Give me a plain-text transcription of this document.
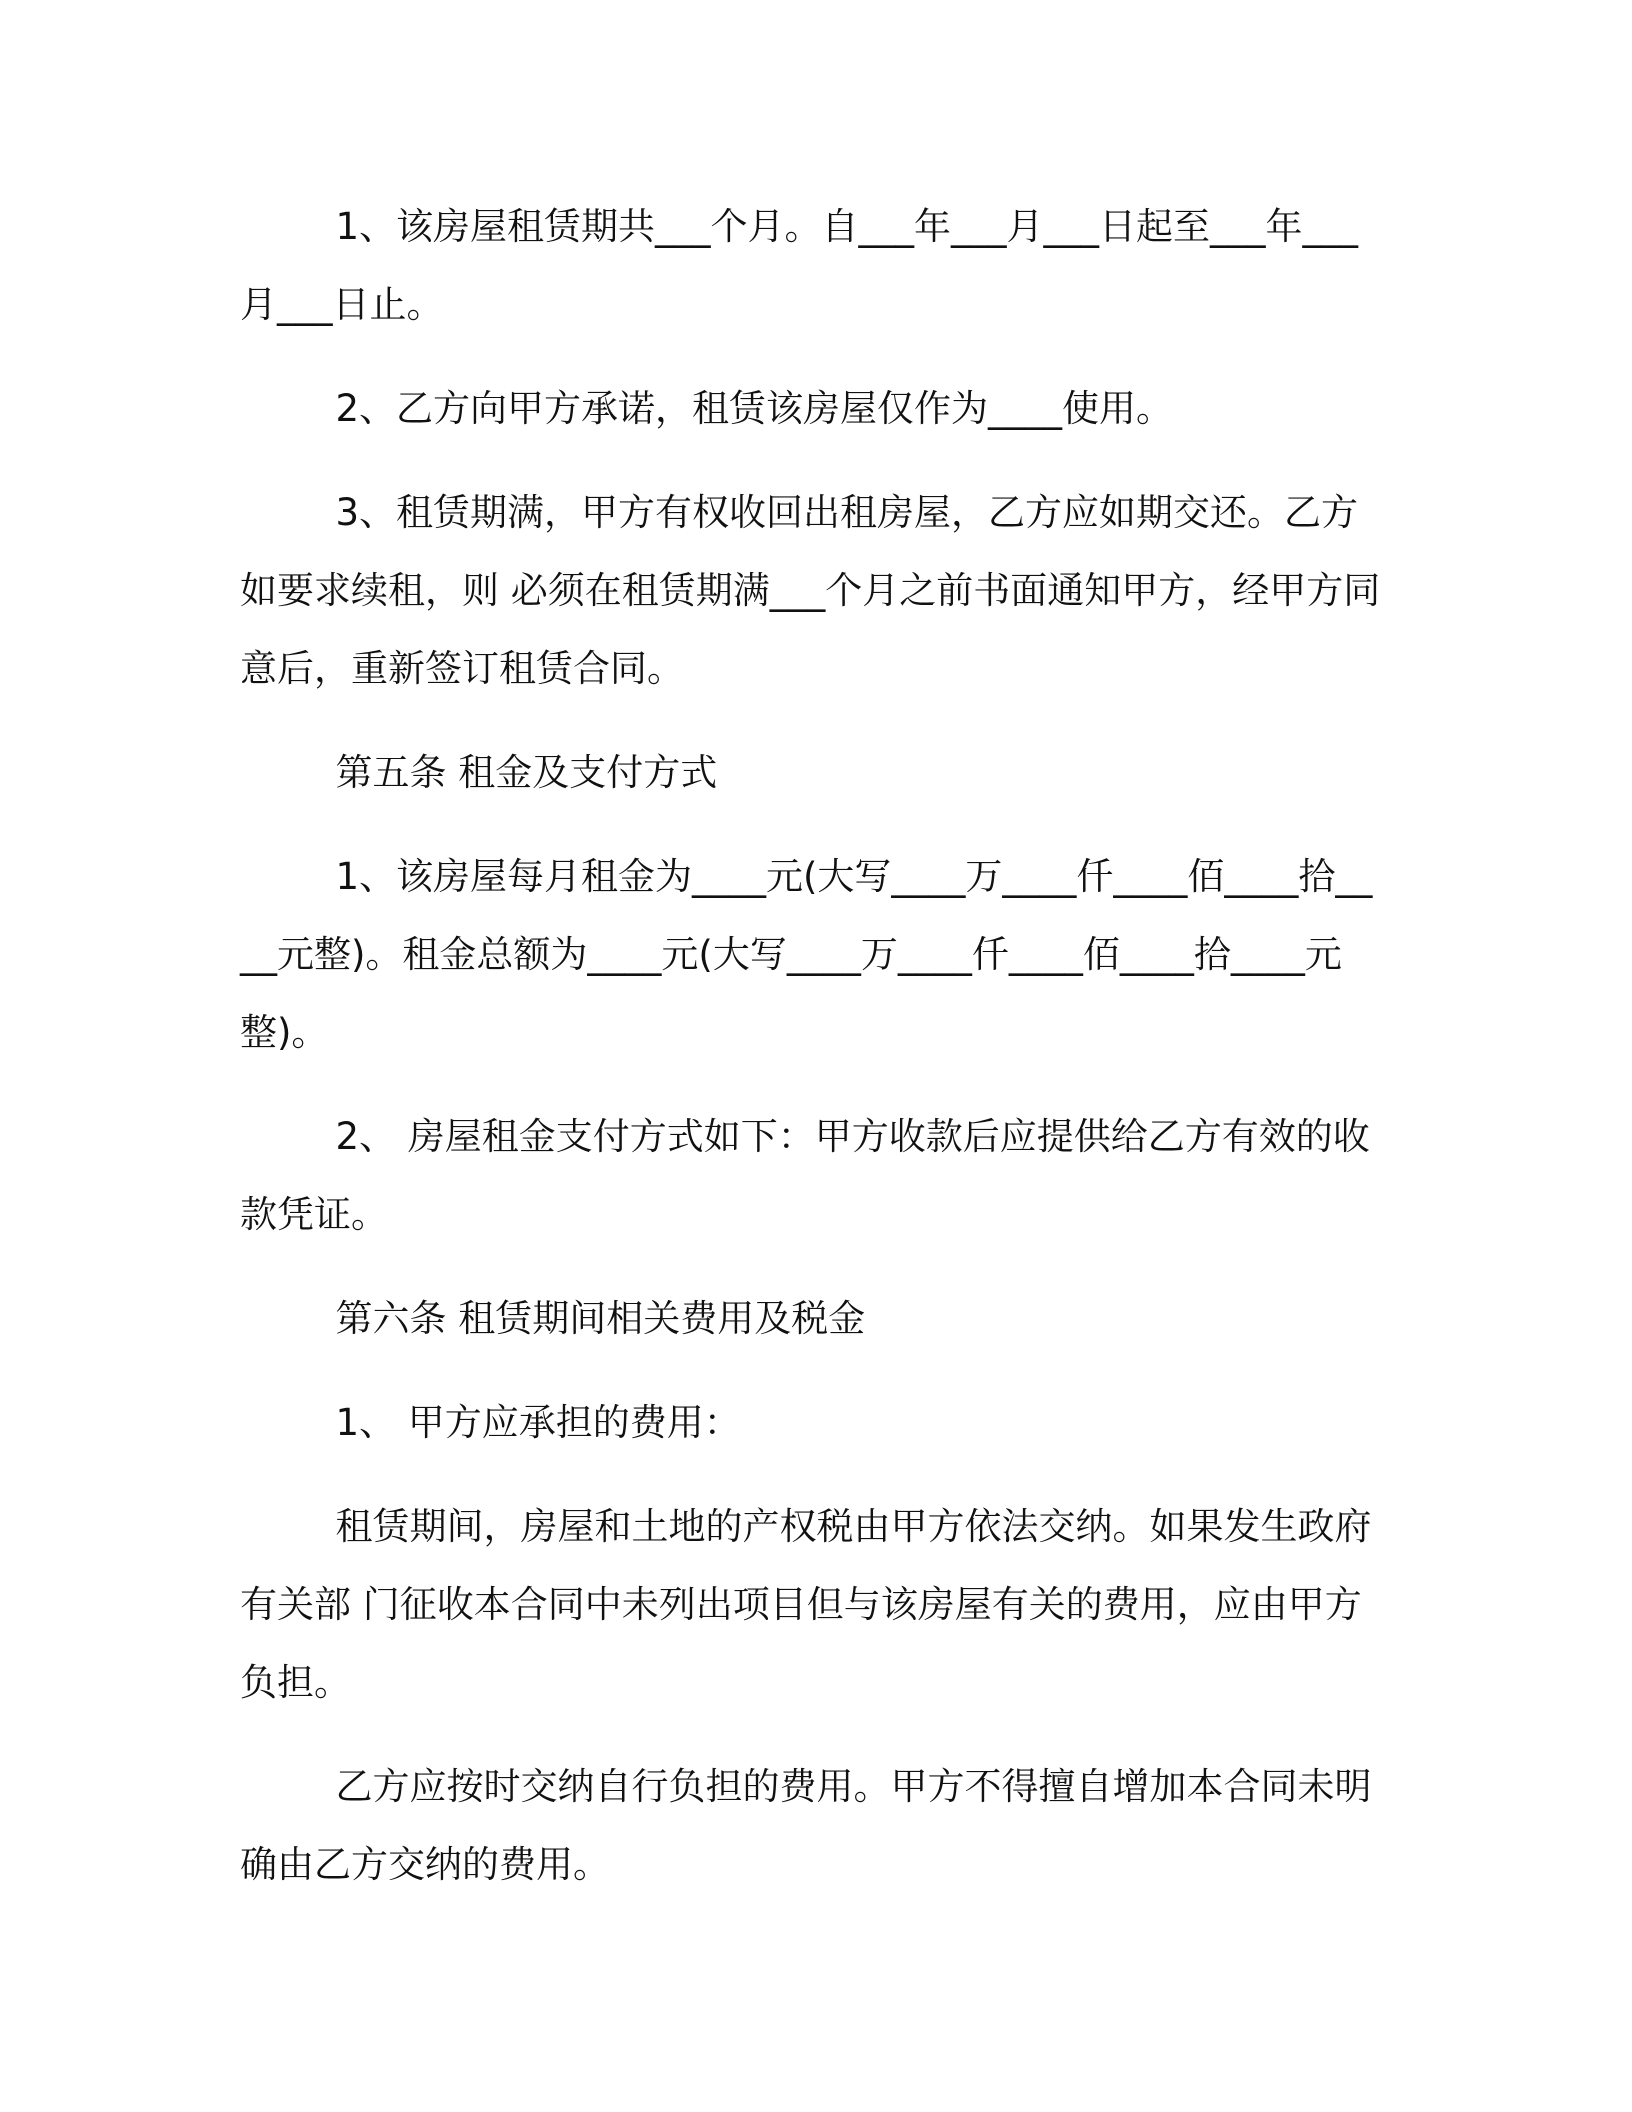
1、该房屋租赁期共___个月。自___年___月___日起至___年___月___日止。

2、乙方向甲方承诺，租赁该房屋仅作为____使用。

3、租赁期满，甲方有权收回出租房屋，乙方应如期交还。乙方如要求续租，则 必须在租赁期满___个月之前书面通知甲方，经甲方同意后，重新签订租赁合同。

第五条 租金及支付方式

1、该房屋每月租金为____元(大写____万____仟____佰____拾____元整)。租金总额为____元(大写____万____仟____佰____拾____元整)。

2、 房屋租金支付方式如下：甲方收款后应提供给乙方有效的收款凭证。

第六条 租赁期间相关费用及税金

1、 甲方应承担的费用：

租赁期间，房屋和土地的产权税由甲方依法交纳。如果发生政府有关部 门征收本合同中未列出项目但与该房屋有关的费用，应由甲方负担。

乙方应按时交纳自行负担的费用。甲方不得擅自增加本合同未明确由乙方交纳的费用。
